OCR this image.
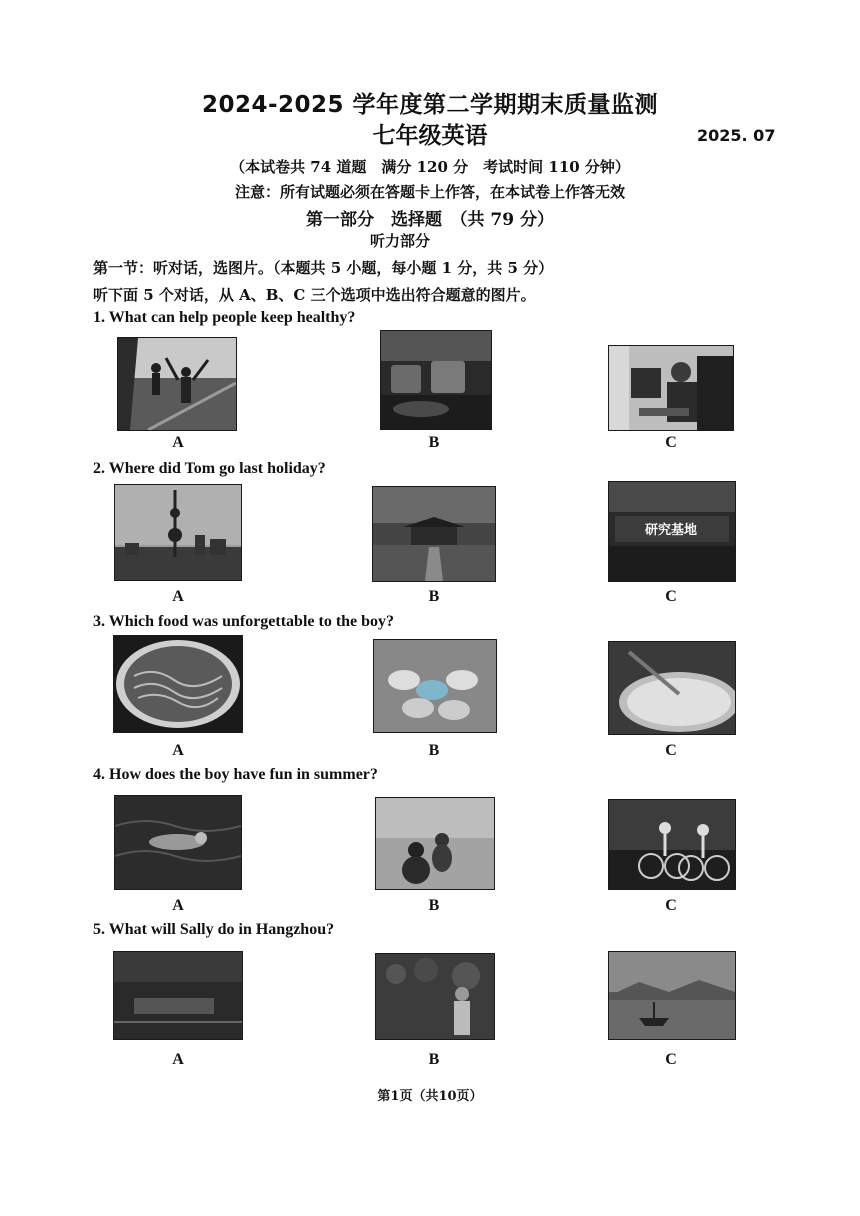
2024-2025 学年度第二学期期末质量监测
七年级英语	2025. 07
（本试卷共 74 道题　满分 120 分　考试时间 110 分钟）
注意：所有试题必须在答题卡上作答，在本试卷上作答无效
第一部分　选择题　（共 79 分）
听力部分
第一节：听对话，选图片。（本题共 5 小题，每小题 1 分，共 5 分）
听下面 5 个对话，从 A、B、C 三个选项中选出符合题意的图片。
1. What can help people keep healthy?
A	B	C
2. Where did Tom go last holiday?
研究基地
A	B	C
3. Which food was unforgettable to the boy?
A	B	C
4. How does the boy have fun in summer?
A	B	C
5. What will Sally do in Hangzhou?
A	B	C
第1页（共10页）
